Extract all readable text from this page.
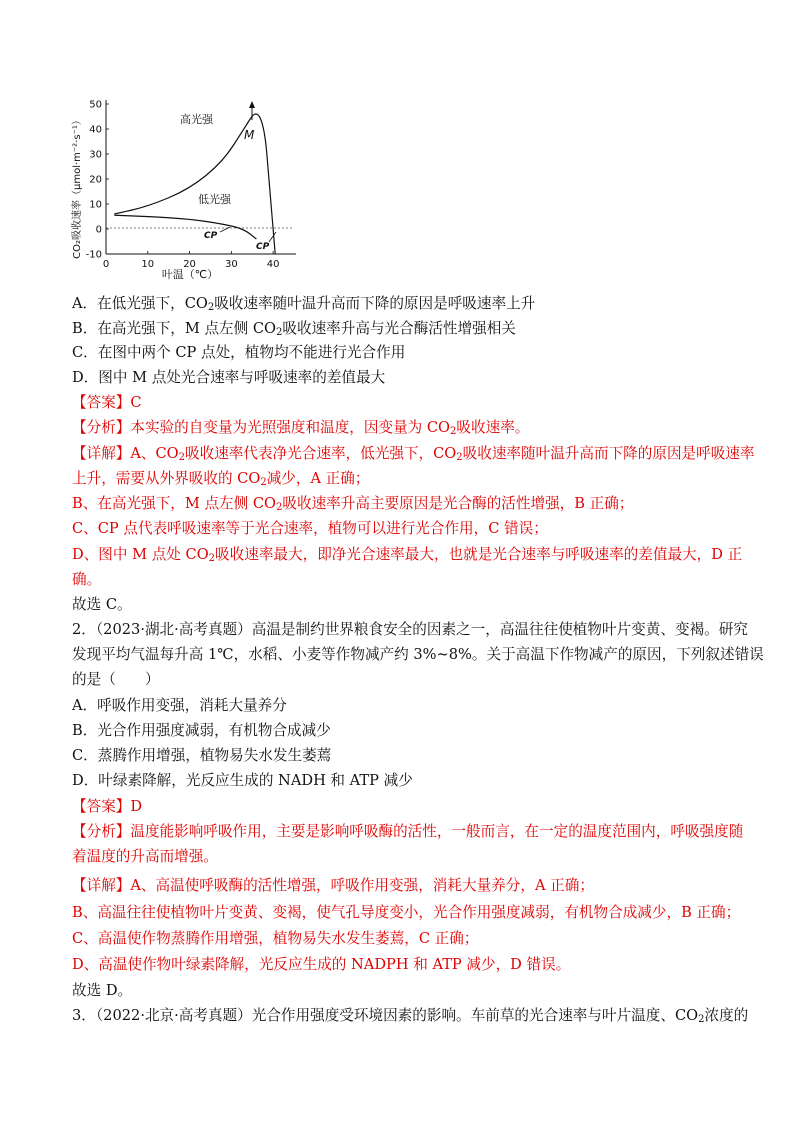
CO₂吸收速率（μmol·m⁻²·s⁻¹）
50
40
30
20
10
0
-10
0	10	20	30	40
叶温（℃）
高光强
低光强
M
CP
CP
A．在低光强下，$CO_2$吸收速率随叶温升高而下降的原因是呼吸速率上升
B．在高光强下，M 点左侧 $CO_2$吸收速率升高与光合酶活性增强相关
C．在图中两个 CP 点处，植物均不能进行光合作用
D．图中 M 点处光合速率与呼吸速率的差值最大
【答案】C
【分析】本实验的自变量为光照强度和温度，因变量为 $CO_2$吸收速率。
【详解】A、$CO_2$吸收速率代表净光合速率，低光强下，$CO_2$吸收速率随叶温升高而下降的原因是呼吸速率
上升，需要从外界吸收的 $CO_2$减少，A 正确；
B、在高光强下，M 点左侧 $CO_2$吸收速率升高主要原因是光合酶的活性增强，B 正确；
C、CP 点代表呼吸速率等于光合速率，植物可以进行光合作用，C 错误；
D、图中 M 点处 $CO_2$吸收速率最大，即净光合速率最大，也就是光合速率与呼吸速率的差值最大，D 正
确。
故选 C。
2．（2023·湖北·高考真题）高温是制约世界粮食安全的因素之一，高温往往使植物叶片变黄、变褐。研究
发现平均气温每升高 1℃，水稻、小麦等作物减产约 3%~8%。关于高温下作物减产的原因，下列叙述错误
的是（　　）
A．呼吸作用变强，消耗大量养分
B．光合作用强度减弱，有机物合成减少
C．蒸腾作用增强，植物易失水发生萎蔫
D．叶绿素降解，光反应生成的 NADH 和 ATP 减少
【答案】D
【分析】温度能影响呼吸作用，主要是影响呼吸酶的活性，一般而言，在一定的温度范围内，呼吸强度随
着温度的升高而增强。
【详解】A、高温使呼吸酶的活性增强，呼吸作用变强，消耗大量养分，A 正确；
B、高温往往使植物叶片变黄、变褐，使气孔导度变小，光合作用强度减弱，有机物合成减少，B 正确；
C、高温使作物蒸腾作用增强，植物易失水发生萎蔫，C 正确；
D、高温使作物叶绿素降解，光反应生成的 NADPH 和 ATP 减少，D 错误。
故选 D。
3．（2022·北京·高考真题）光合作用强度受环境因素的影响。车前草的光合速率与叶片温度、$CO_2$浓度的
